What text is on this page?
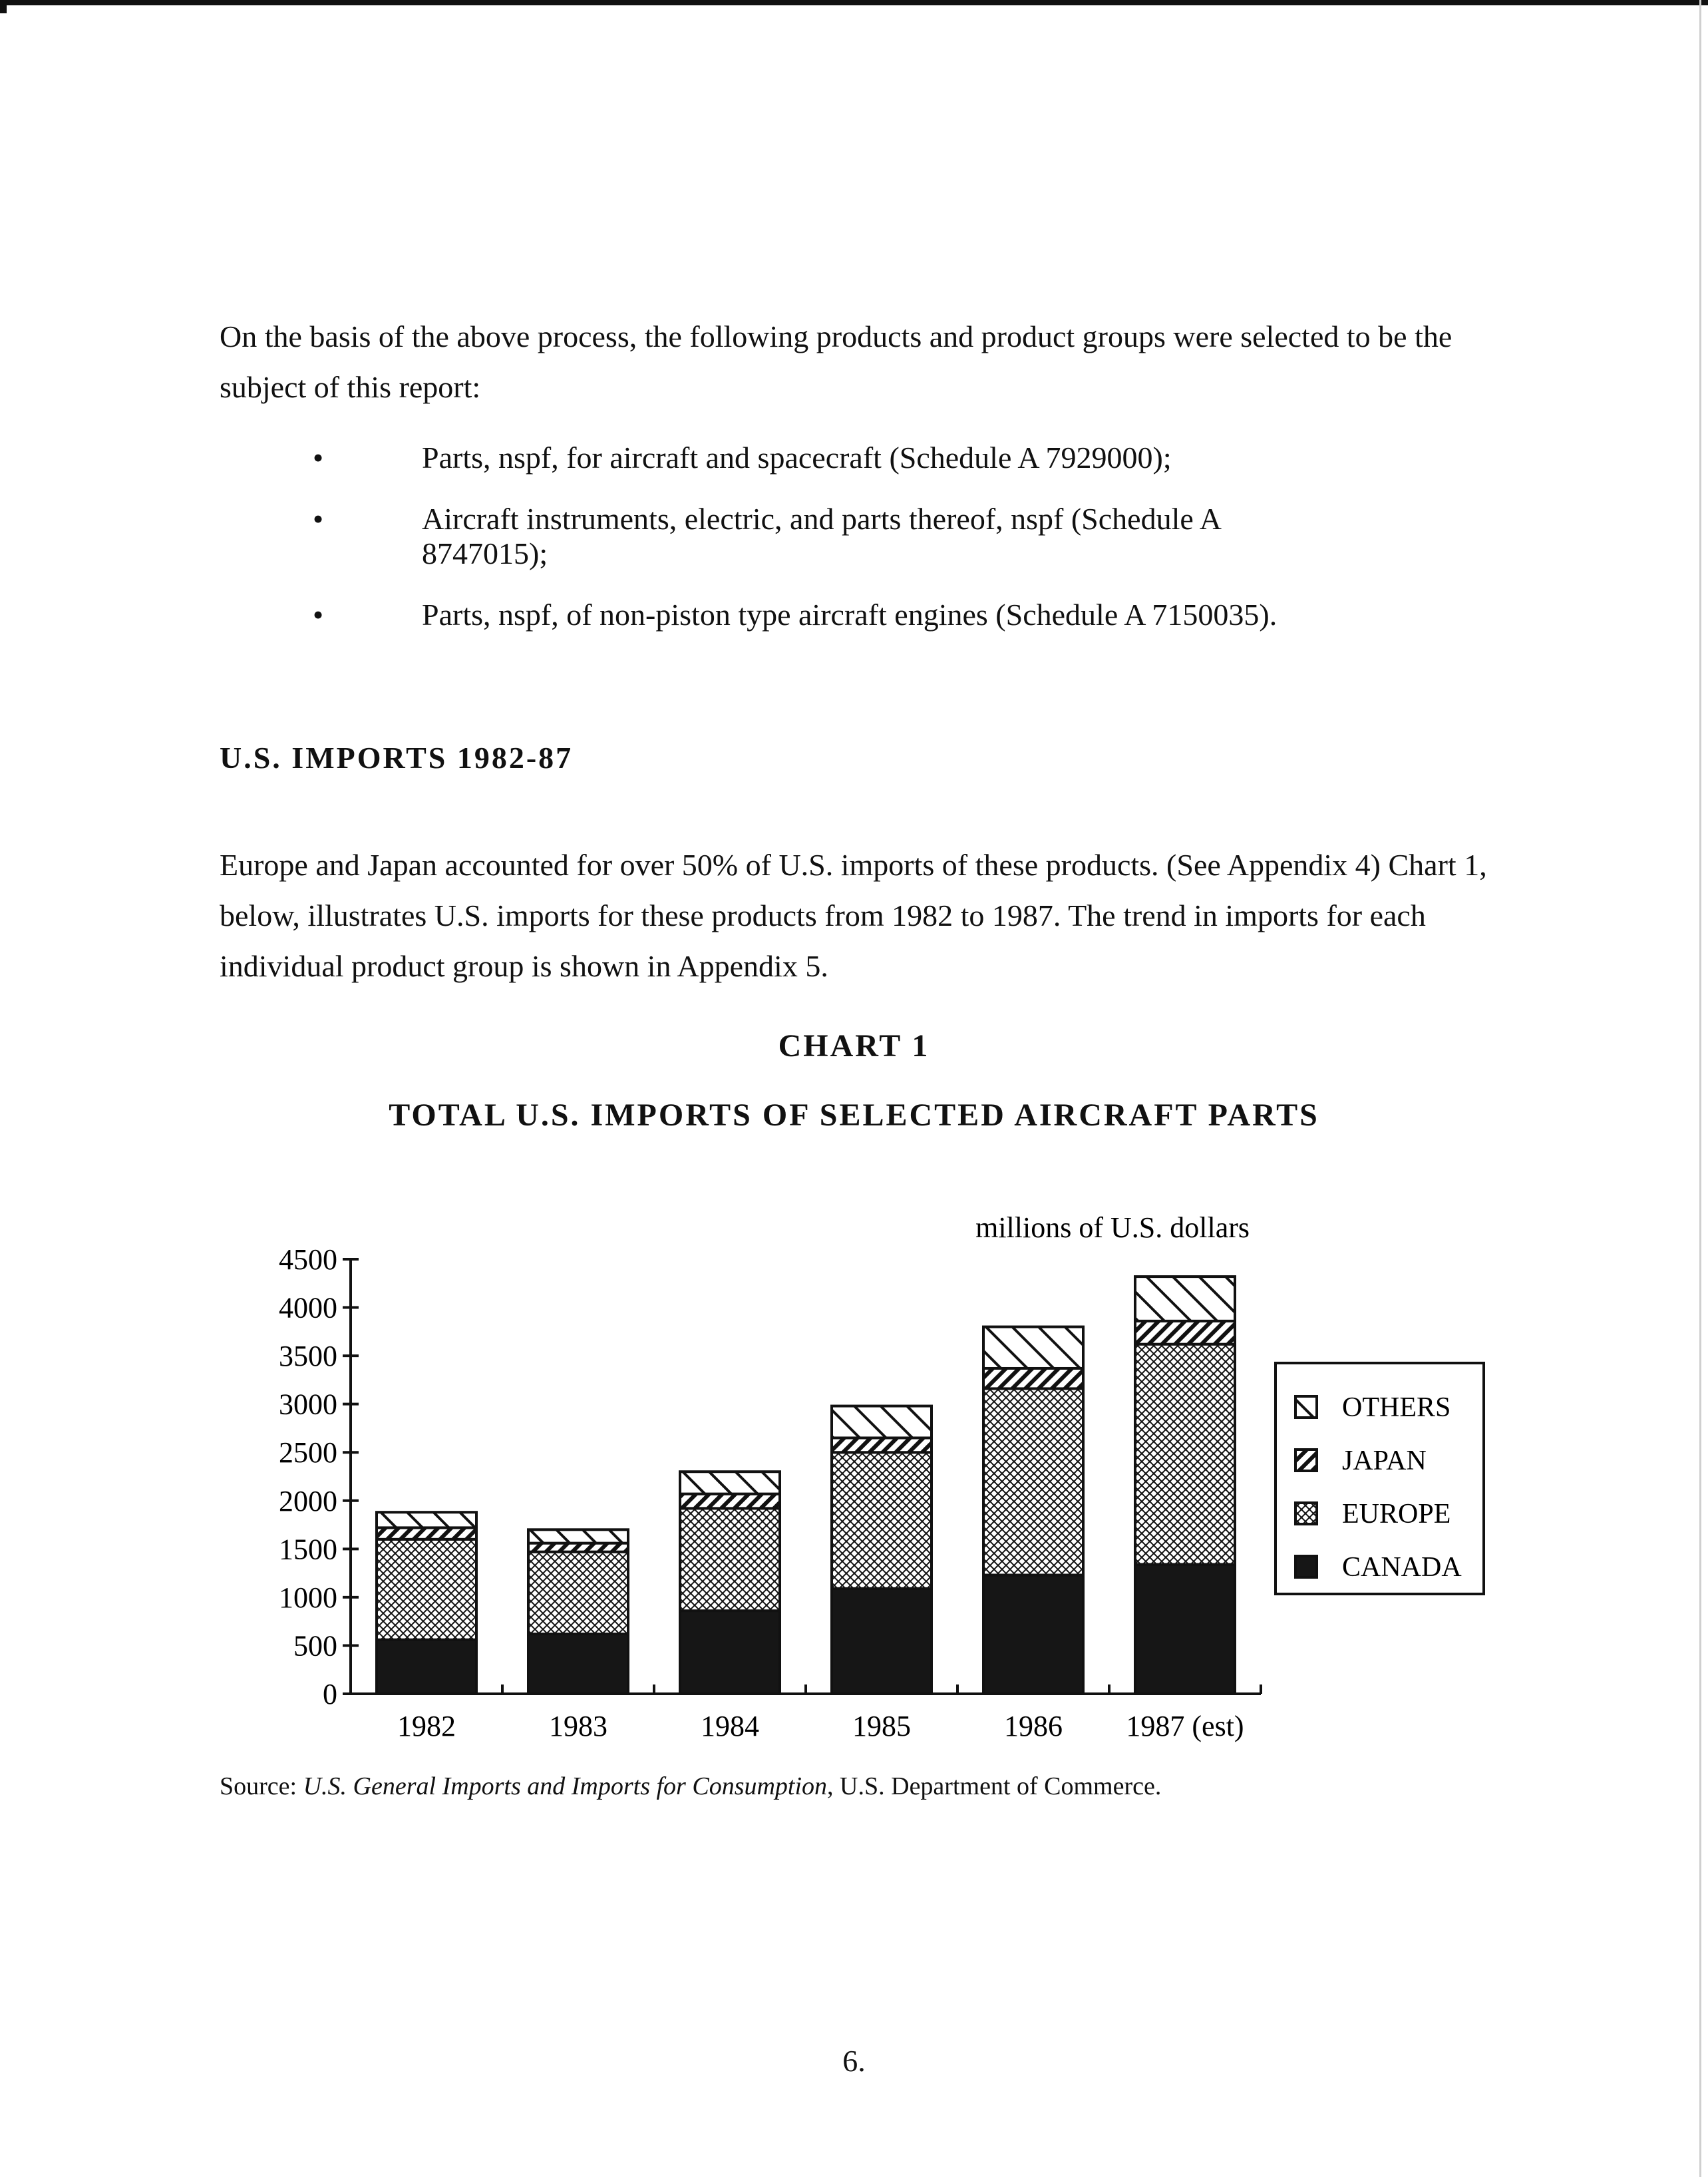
On the basis of the above process, the following products and product groups were selected to be the subject of this report:

• Parts, nspf, for aircraft and spacecraft (Schedule A 7929000);
• Aircraft instruments, electric, and parts thereof, nspf (Schedule A 8747015);
• Parts, nspf, of non-piston type aircraft engines (Schedule A 7150035).
U.S. IMPORTS 1982-87

Europe and Japan accounted for over 50% of U.S. imports of these products. (See Appendix 4) Chart 1, below, illustrates U.S. imports for these products from 1982 to 1987. The trend in imports for each individual product group is shown in Appendix 5.

CHART 1
TOTAL U.S. IMPORTS OF SELECTED AIRCRAFT PARTS
1982	1983	1984	1985	1986 1987 (est)
0
500
1000
1500
2000
2500
3000
3500
4000
4500
millions of U.S. dollars
OTHERS
JAPAN
EUROPE
CANADA

Source: U.S. General Imports and Imports for Consumption, U.S. Department of Commerce.

6.
